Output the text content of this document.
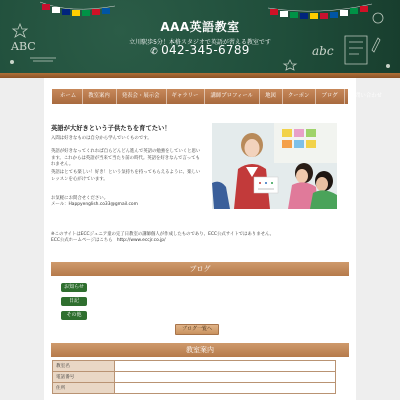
ABC	abc
AAA英語教室
立川駅歩5分！本格スタジオで英語が習える教室です
✆ 042-345-6789
ホーム	教室案内	発表会・展示会	ギャラリー	講師プロフィール	地図	クーポン	ブログ	お問い合わせ
英語が大好きという子供たちを育てたい！
入間は好きなものは自分から学んでいくものです。
英語が好きなってくれれば自らどんどん進んで英語の勉強をしていくと思います。これからは英語が当来て当たり前の時代。英語を好きなんで言ってもれません。
英語はとても楽しい！好き！という気持ちを持ってもらえるように、楽しいレッスンを心がけています。
お気軽にお問合せください。
メール：Happyenglish.co33@gmail.com
※このサイトはECCジュニア童の完了日教室の講師個人が作成したものであり、ECC公式サイトではありません。
ECC公式ホームページはこちら　http://www.eccjr.co.jp/
ブログ
お知らせ
日記
その他
ブログ一覧へ
教室案内
教室名	
電話番号	
住所	
